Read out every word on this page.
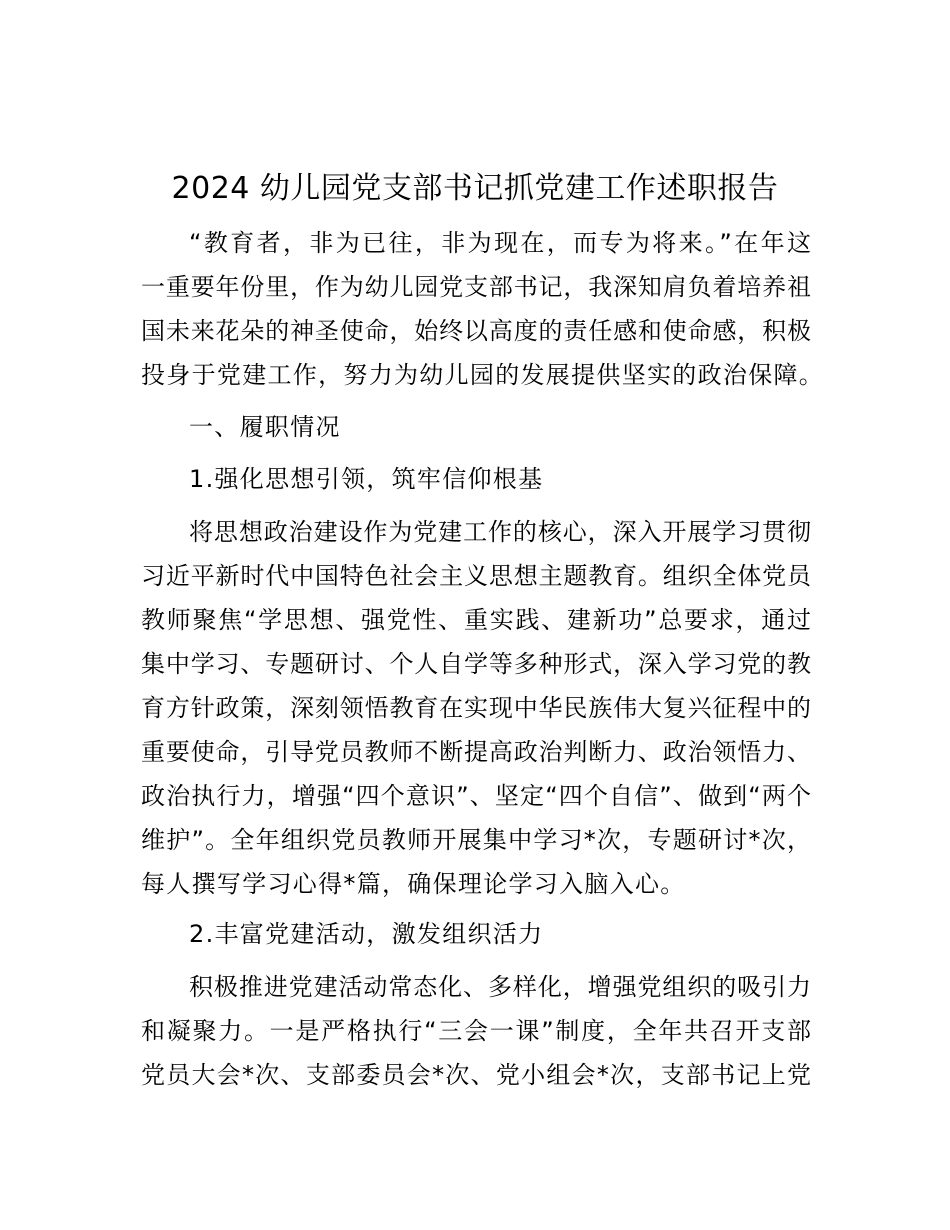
2024 幼儿园党支部书记抓党建工作述职报告
“教育者，非为已往，非为现在，而专为将来。”在年这
一重要年份里，作为幼儿园党支部书记，我深知肩负着培养祖
国未来花朵的神圣使命，始终以高度的责任感和使命感，积极
投身于党建工作，努力为幼儿园的发展提供坚实的政治保障。
一、履职情况
1.强化思想引领，筑牢信仰根基
将思想政治建设作为党建工作的核心，深入开展学习贯彻
习近平新时代中国特色社会主义思想主题教育。组织全体党员
教师聚焦“学思想、强党性、重实践、建新功”总要求，通过
集中学习、专题研讨、个人自学等多种形式，深入学习党的教
育方针政策，深刻领悟教育在实现中华民族伟大复兴征程中的
重要使命，引导党员教师不断提高政治判断力、政治领悟力、
政治执行力，增强“四个意识”、坚定“四个自信”、做到“两个
维护”。全年组织党员教师开展集中学习*次，专题研讨*次，
每人撰写学习心得*篇，确保理论学习入脑入心。
2.丰富党建活动，激发组织活力
积极推进党建活动常态化、多样化，增强党组织的吸引力
和凝聚力。一是严格执行“三会一课”制度，全年共召开支部
党员大会*次、支部委员会*次、党小组会*次，支部书记上党
